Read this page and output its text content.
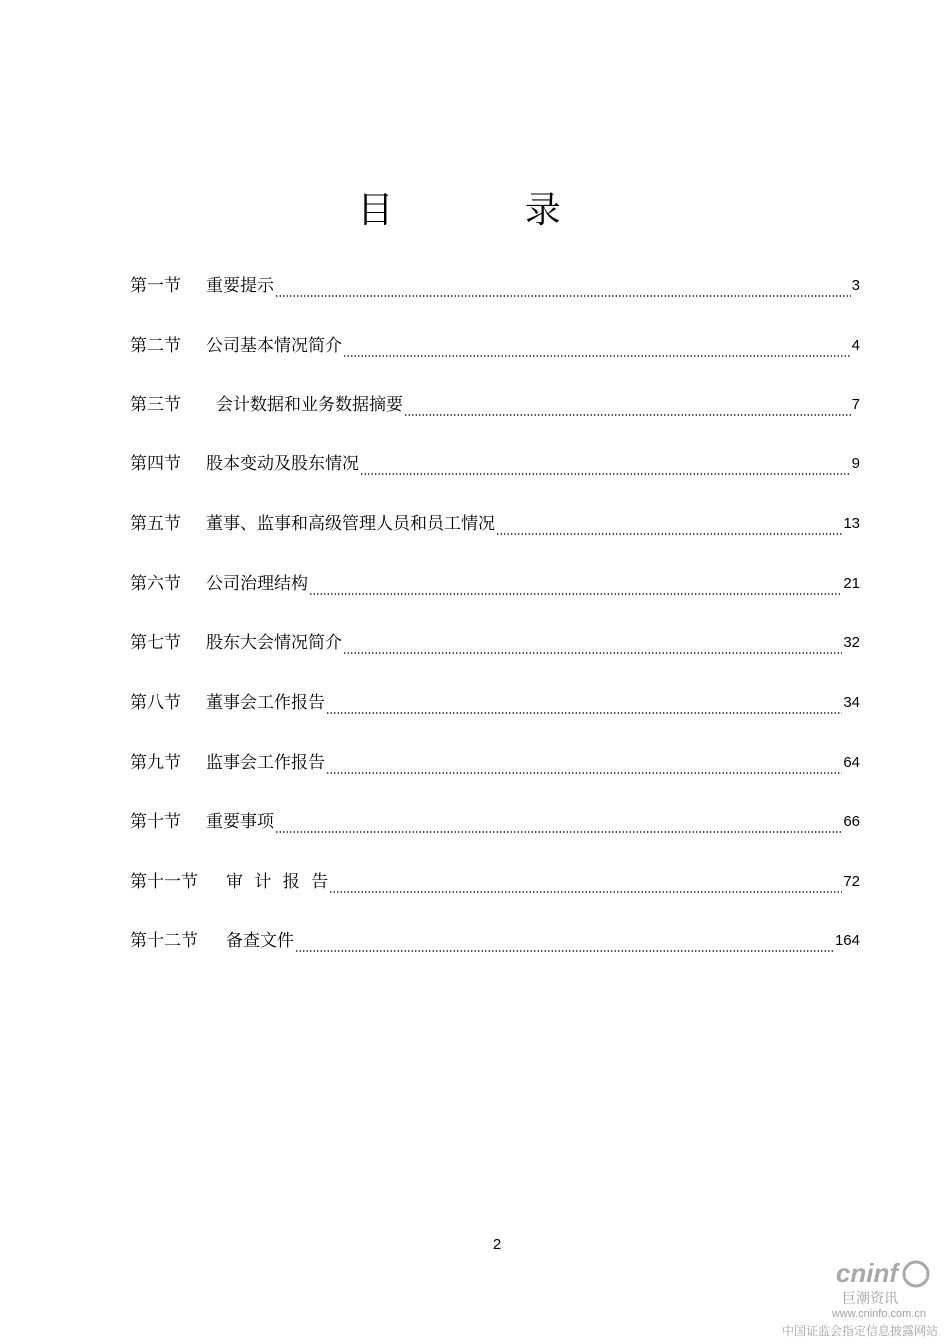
目 录
第一节	重要提示	3
第二节	公司基本情况简介	4
第三节	会计数据和业务数据摘要	7
第四节	股本变动及股东情况	9
第五节	董事、监事和高级管理人员和员工情况	13
第六节	公司治理结构	21
第七节	股东大会情况简介	32
第八节	董事会工作报告	34
第九节	监事会工作报告	64
第十节	重要事项	66
第十一节	审 计 报 告	72
第十二节	备查文件	164
2
cninf
巨潮资讯
www.cninfo.com.cn
中国证监会指定信息披露网站
